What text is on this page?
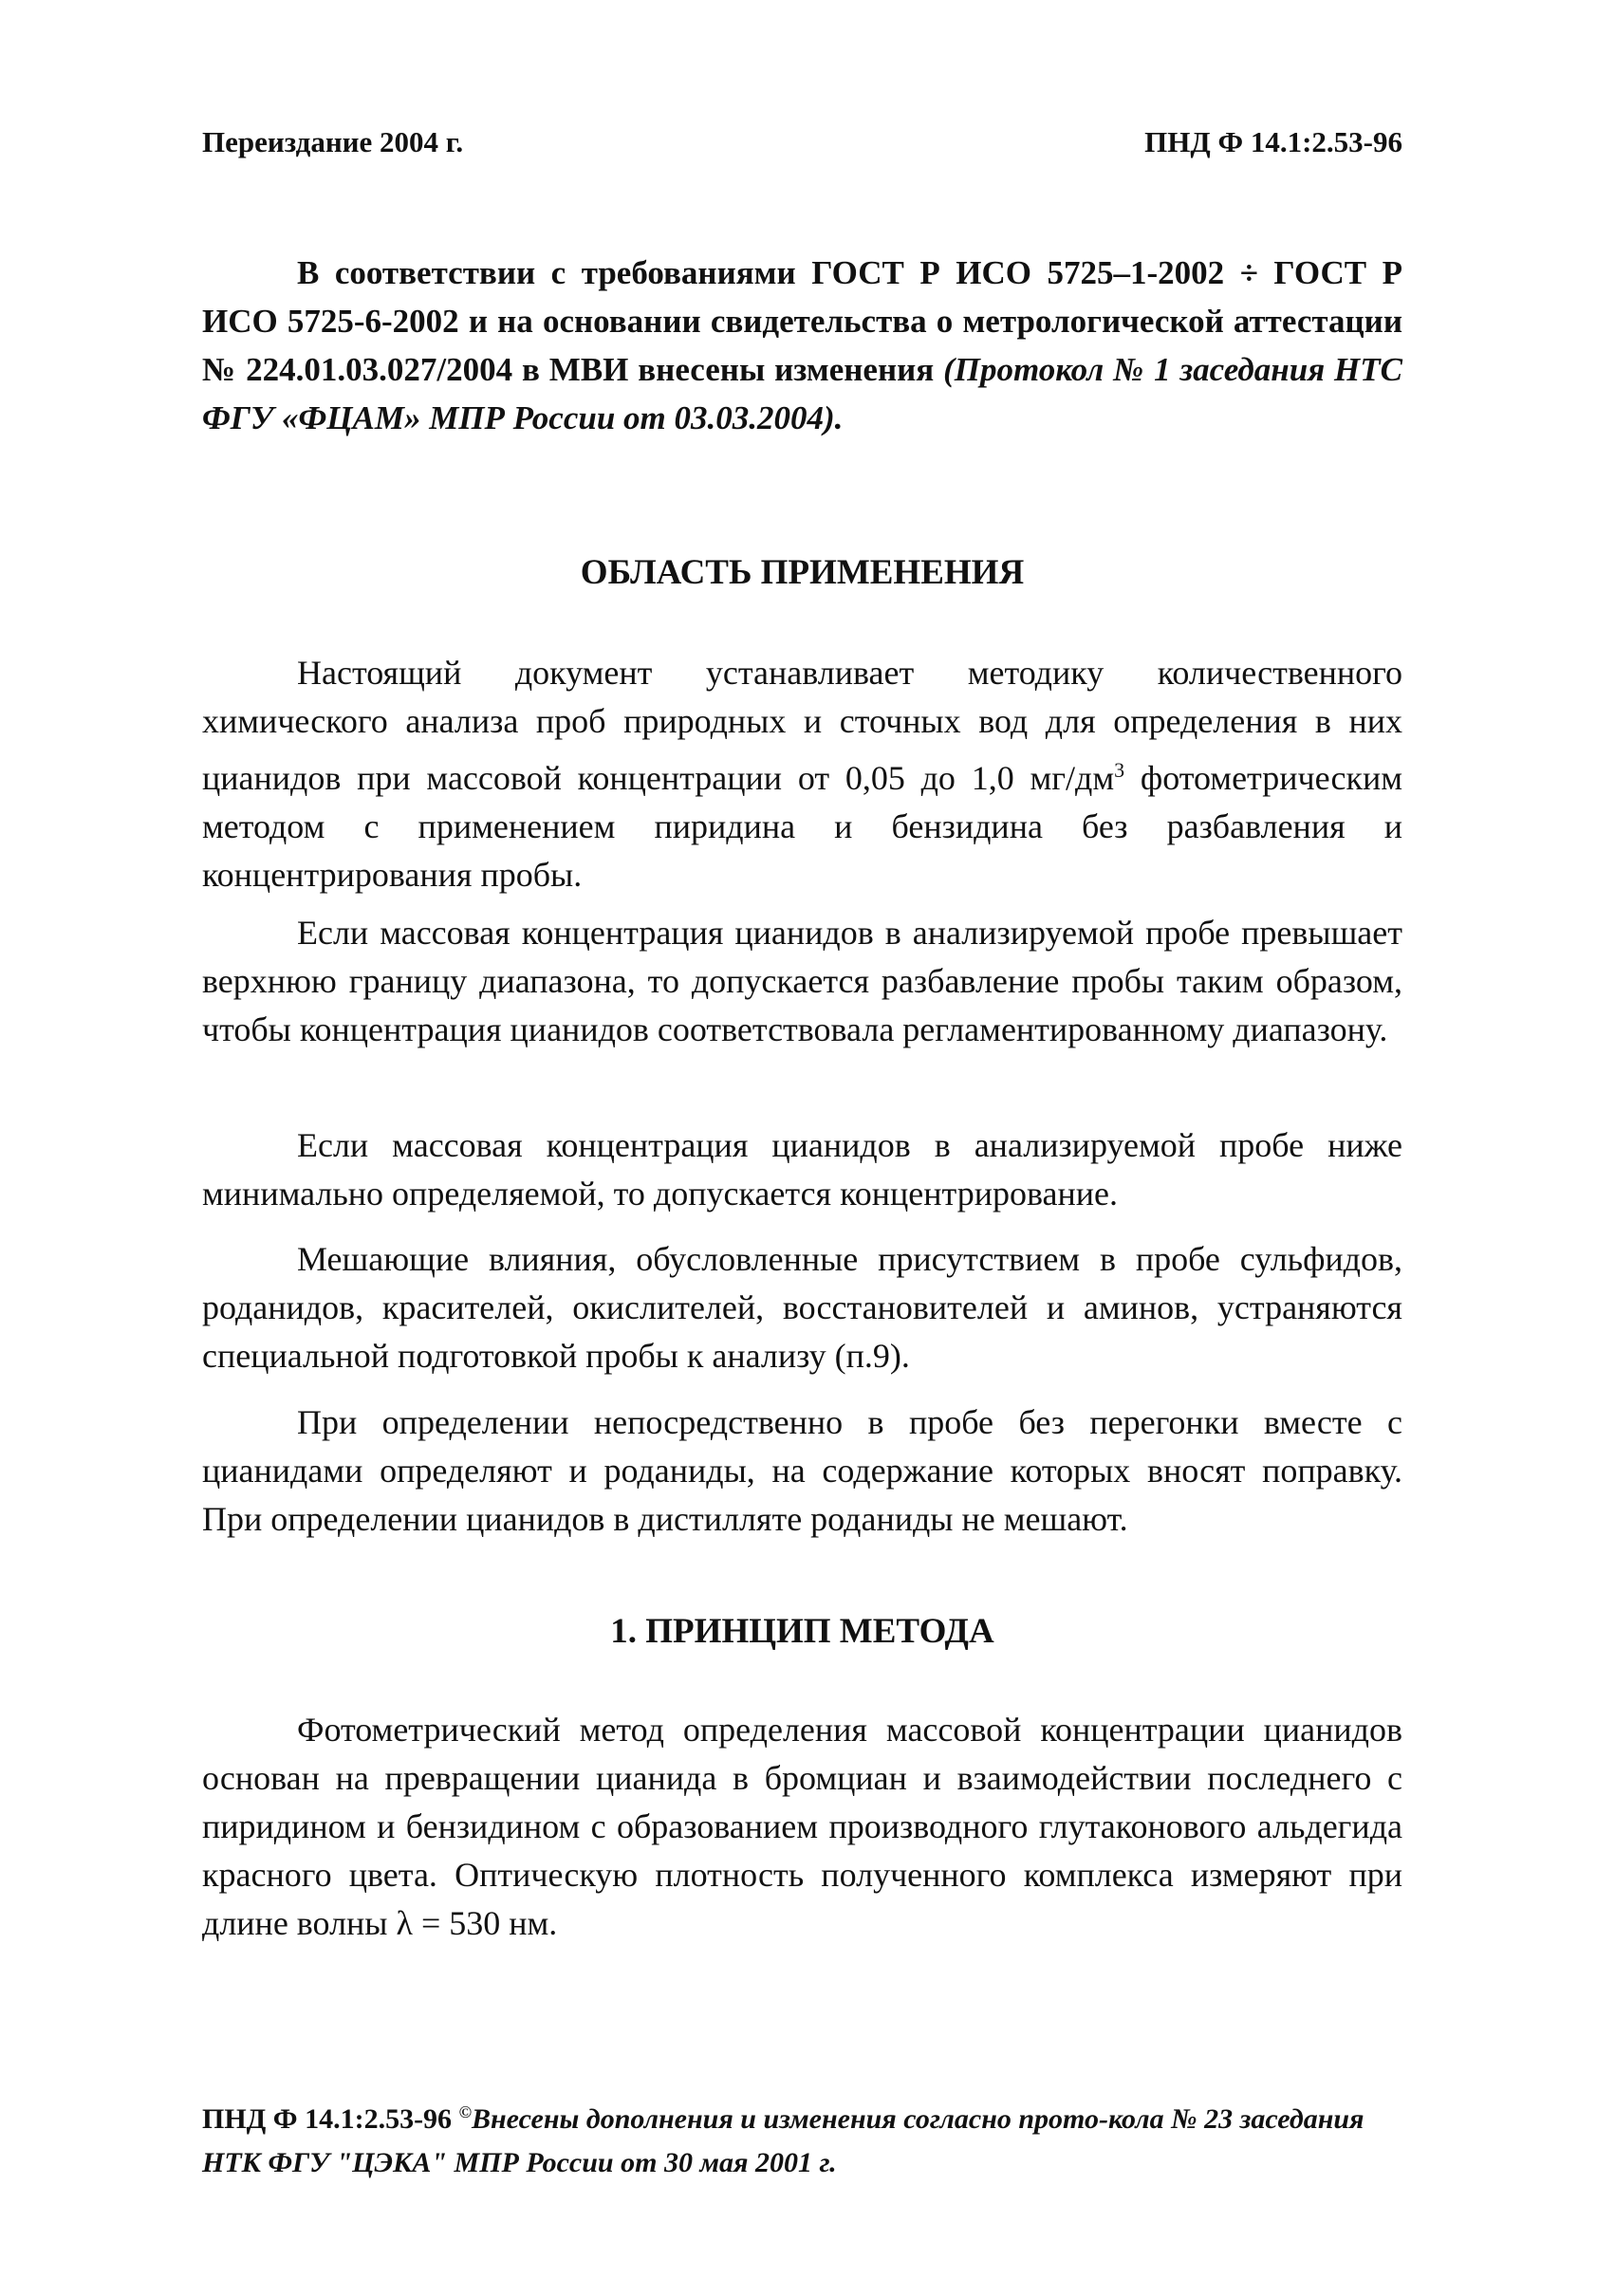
Переиздание 2004 г.	ПНД Ф 14.1:2.53-96

В соответствии с требованиями ГОСТ Р ИСО 5725–1-2002 ÷ ГОСТ Р ИСО 5725-6-2002 и на основании свидетельства о метрологической аттестации № 224.01.03.027/2004 в МВИ внесены изменения (Протокол № 1 заседания НТС ФГУ «ФЦАМ» МПР России от 03.03.2004).

ОБЛАСТЬ ПРИМЕНЕНИЯ

Настоящий документ устанавливает методику количественного химического анализа проб природных и сточных вод для определения в них цианидов при массовой концентрации от 0,05 до 1,0 $мг/дм^3$ фотометрическим методом с применением пиридина и бензидина без разбавления и концентрирования пробы.

Если массовая концентрация цианидов в анализируемой пробе превышает верхнюю границу диапазона, то допускается разбавление пробы таким образом, чтобы концентрация цианидов соответствовала регламентированному диапазону.

Если массовая концентрация цианидов в анализируемой пробе ниже минимально определяемой, то допускается концентрирование.

Мешающие влияния, обусловленные присутствием в пробе сульфидов, роданидов, красителей, окислителей, восстановителей и аминов, устраняются специальной подготовкой пробы к анализу (п.9).

При определении непосредственно в пробе без перегонки вместе с цианидами определяют и роданиды, на содержание которых вносят поправку. При определении цианидов в дистилляте роданиды не мешают.

1. ПРИНЦИП МЕТОДА

Фотометрический метод определения массовой концентрации цианидов основан на превращении цианида в бромциан и взаимодействии последнего с пиридином и бензидином с образованием производного глутаконового альдегида красного цвета. Оптическую плотность полученного комплекса измеряют при длине волны λ = 530 нм.

ПНД Ф 14.1:2.53-96 ©Внесены дополнения и изменения согласно прото-кола № 23 заседания НТК ФГУ "ЦЭКА" МПР России от 30 мая 2001 г.
